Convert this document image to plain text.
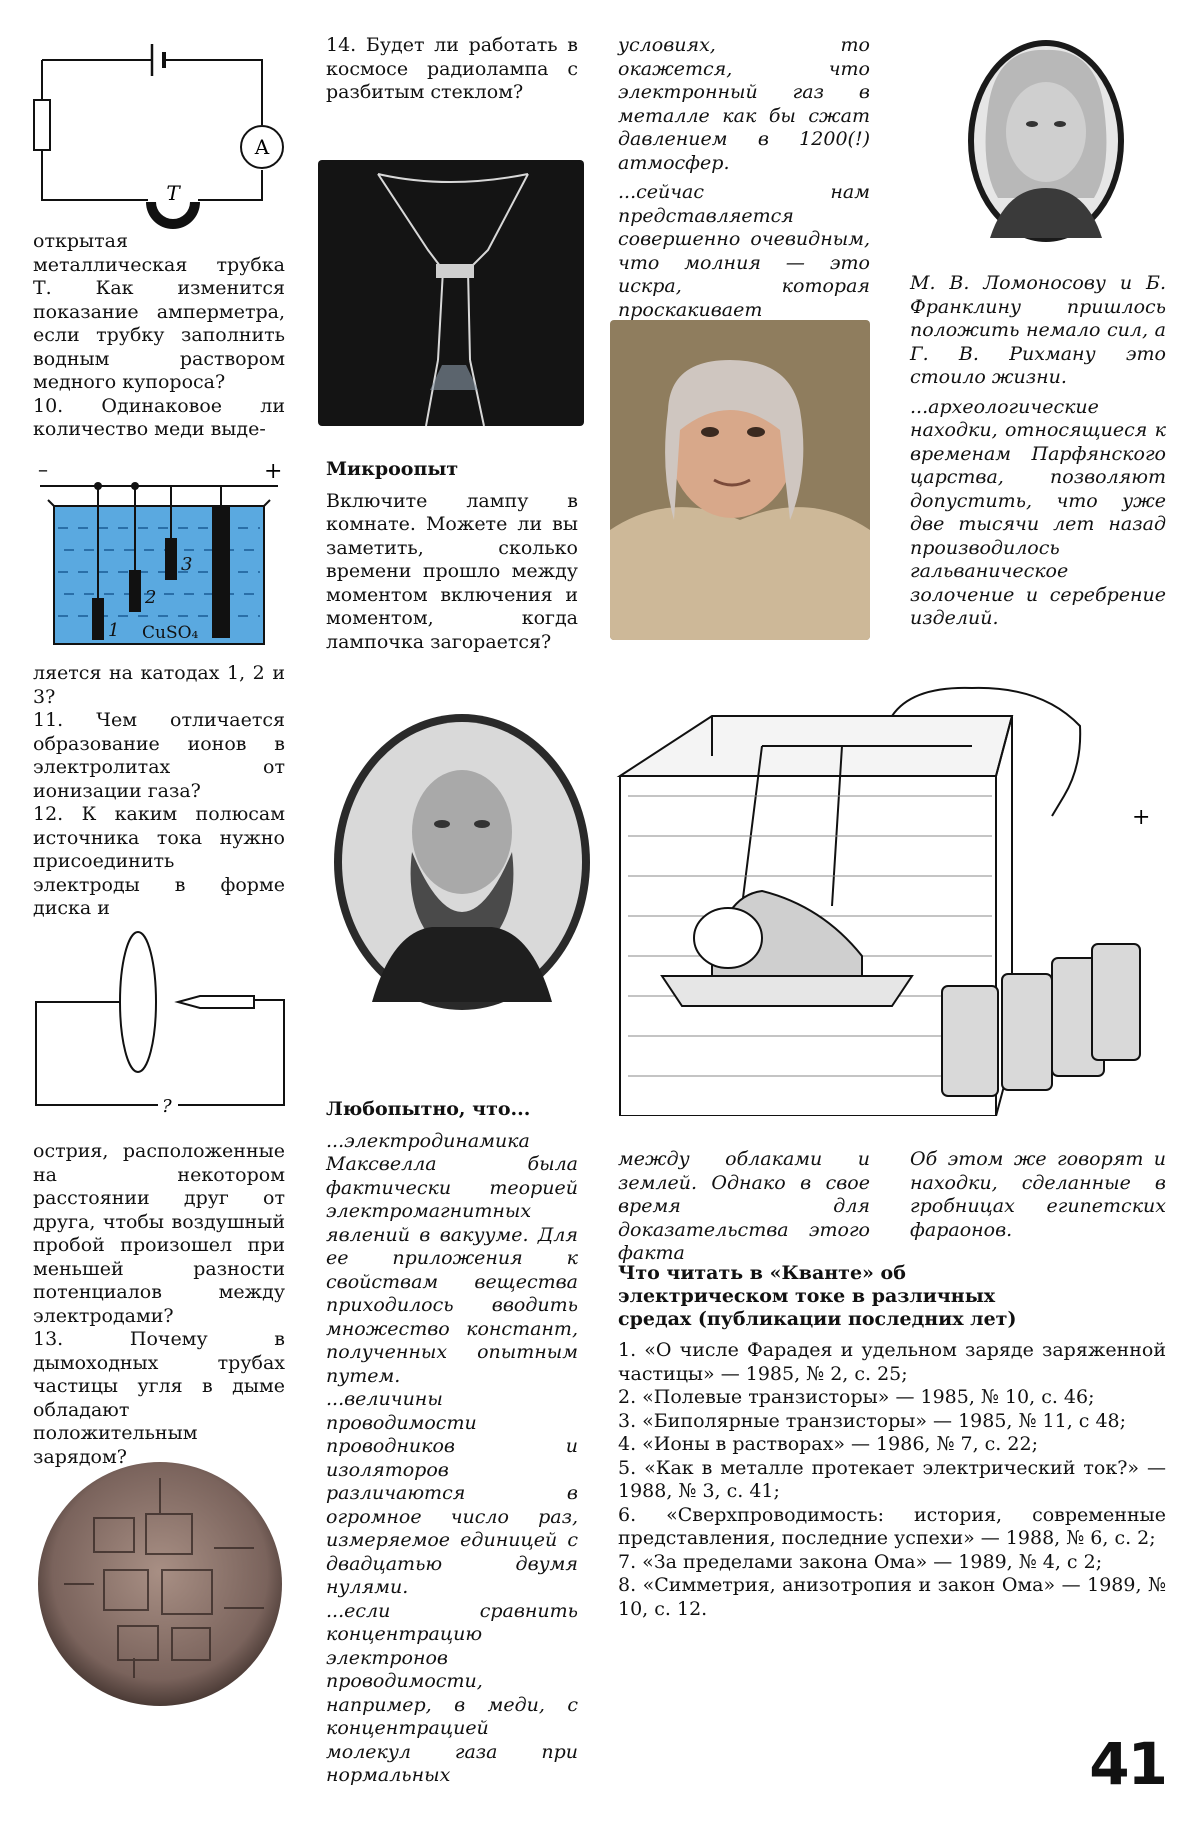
A
T

открытая металлическая трубка Т. Как изменится показание амперметра, если трубку заполнить водным раствором медного купороса?

10. Одинаковое ли количество меди выде-

–	+
1
2
3
CuSO₄

ляется на катодах 1, 2 и 3?

11. Чем отличается образование ионов в электролитах от ионизации газа?

12. К каким полюсам источника тока нужно присоединить электроды в форме диска и

?

острия, расположенные на некотором расстоянии друг от друга, чтобы воздушный пробой произошел при меньшей разности потенциалов между электродами?

13. Почему в дымоходных трубах частицы угля в дыме обладают положительным зарядом?

14. Будет ли работать в космосе радиолампа с разбитым стеклом?

Микроопыт

Включите лампу в комнате. Можете ли вы заметить, сколько времени прошло между моментом включения и моментом, когда лампочка загорается?

Любопытно, что...

...электродинамика Максвелла была фактически теорией электромагнитных явлений в вакууме. Для ее приложения к свойствам вещества приходилось вводить множество констант, полученных опытным путем.

...величины проводимости проводников и изоляторов различаются в огромное число раз, измеряемое единицей с двадцатью двумя нулями.

...если сравнить концентрацию электронов проводимости, например, в меди, с концентрацией молекул газа при нормальных

условиях, то окажется, что электронный газ в металле как бы сжат давлением в 1200(!) атмосфер.

...сейчас нам представляется совершенно очевидным, что молния — это искра, которая проскакивает

между облаками и землей. Однако в свое время для доказательства этого факта

М. В. Ломоносову и Б. Франклину пришлось положить немало сил, а Г. В. Рихману это стоило жизни.

...археологические находки, относящиеся к временам Парфянского царства, позволяют допустить, что уже две тысячи лет назад производилось гальваническое золочение и серебрение изделий.

+

Об этом же говорят и находки, сделанные в гробницах египетских фараонов.

Что читать в «Кванте» об электрическом токе в различных средах (публикации последних лет)
1. «О числе Фарадея и удельном заряде заряженной частицы» — 1985, № 2, с. 25;
2. «Полевые транзисторы» — 1985, № 10, с. 46;
3. «Биполярные транзисторы» — 1985, № 11, с 48;
4. «Ионы в растворах» — 1986, № 7, с. 22;
5. «Как в металле протекает электрический ток?» — 1988, № 3, с. 41;
6. «Сверхпроводимость: история, современные представления, последние успехи» — 1988, № 6, с. 2;
7. «За пределами закона Ома» — 1989, № 4, с 2;
8. «Симметрия, анизотропия и закон Ома» — 1989, № 10, с. 12.
41
